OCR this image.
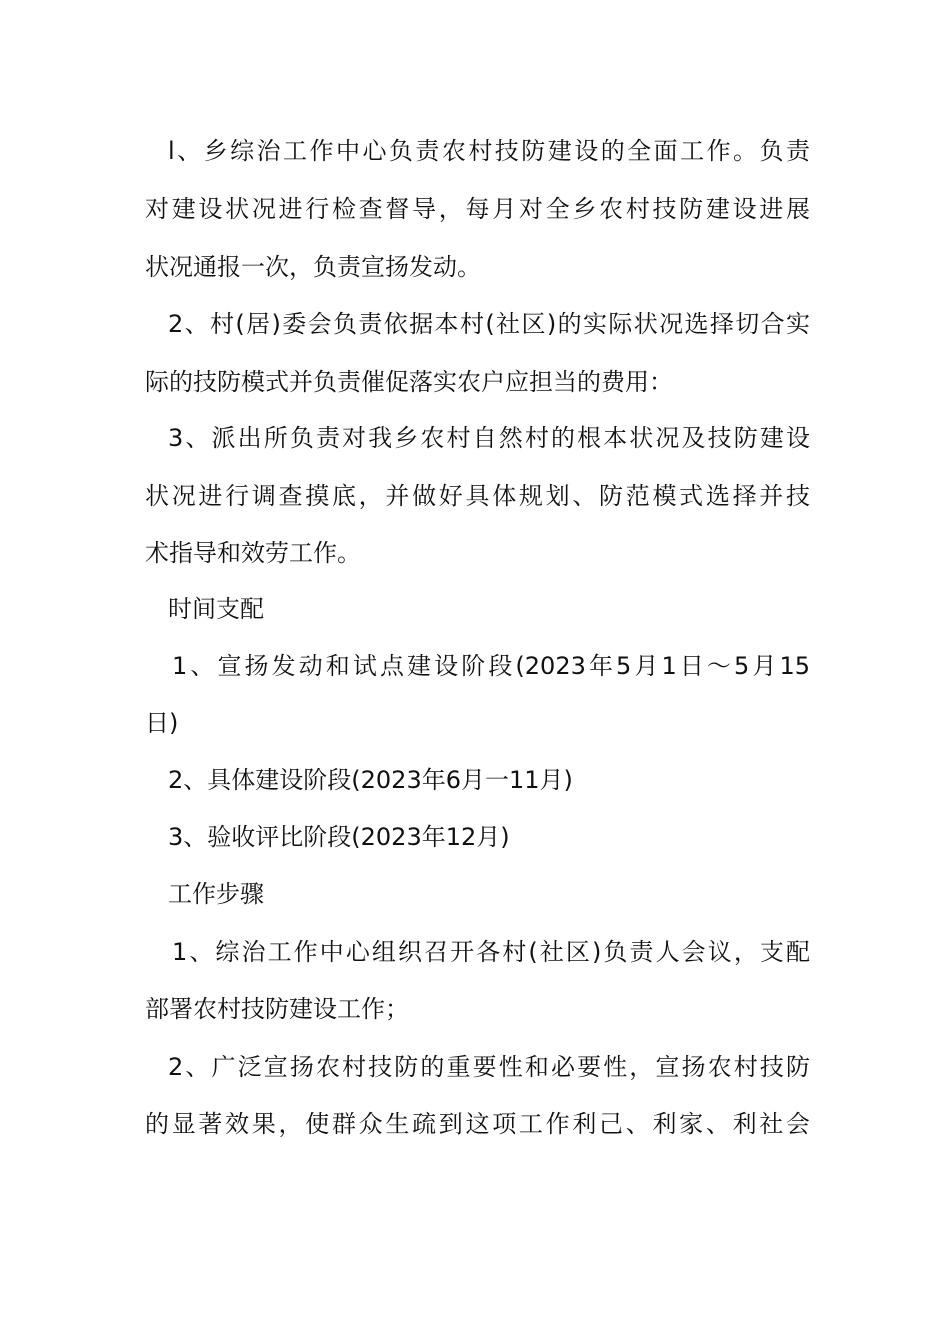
l、乡综治工作中心负责农村技防建设的全面工作。负责
对建设状况进行检查督导，每月对全乡农村技防建设进展
状况通报一次，负责宣扬发动。
2、村(居)委会负责依据本村(社区)的实际状况选择切合实
际的技防模式并负责催促落实农户应担当的费用：
3、派出所负责对我乡农村自然村的根本状况及技防建设
状况进行调查摸底，并做好具体规划、防范模式选择并技
术指导和效劳工作。
时间支配
1、宣扬发动和试点建设阶段(2023年5月1日～5月15
日)
2、具体建设阶段(2023年6月一11月)
3、验收评比阶段(2023年12月)
工作步骤
1、综治工作中心组织召开各村(社区)负责人会议，支配
部署农村技防建设工作；
2、广泛宣扬农村技防的重要性和必要性，宣扬农村技防
的显著效果，使群众生疏到这项工作利己、利家、利社会
